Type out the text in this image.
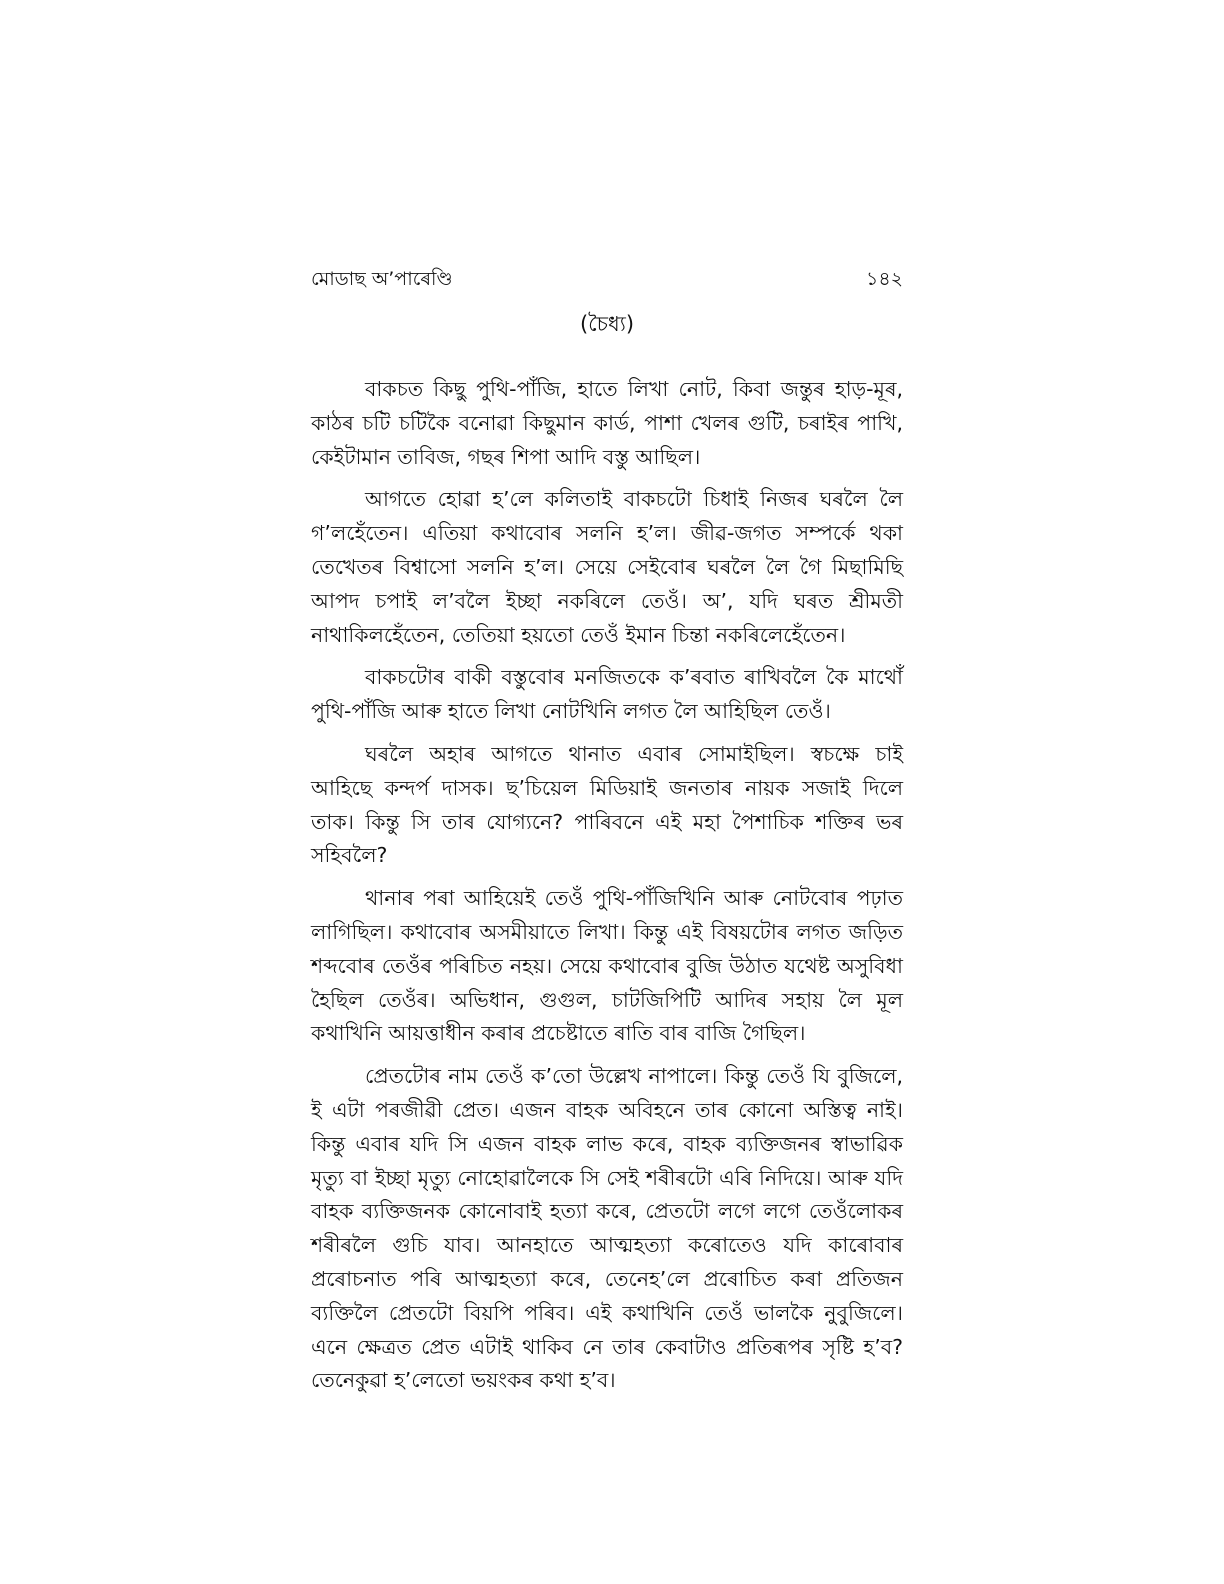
মোডাছ অ’পাৰেণ্ডি	১৪২
(চৈধ্য)

বাকচত কিছু পুথি-পাঁজি, হাতে লিখা নোট, কিবা জন্তুৰ হাড়-মূৰ, কাঠৰ চটি চটিকৈ বনোৱা কিছুমান কাৰ্ড, পাশা খেলৰ গুটি, চৰাইৰ পাখি, কেইটামান তাবিজ, গছৰ শিপা আদি বস্তু আছিল।

আগতে হোৱা হ’লে কলিতাই বাকচটো চিধাই নিজৰ ঘৰলৈ লৈ গ’লহেঁতেন। এতিয়া কথাবোৰ সলনি হ’ল। জীৱ-জগত সম্পৰ্কে থকা তেখেতৰ বিশ্বাসো সলনি হ’ল। সেয়ে সেইবোৰ ঘৰলৈ লৈ গৈ মিছামিছি আপদ চপাই ল’বলৈ ইচ্ছা নকৰিলে তেওঁ। অ’, যদি ঘৰত শ্ৰীমতী নাথাকিলহেঁতেন, তেতিয়া হয়তো তেওঁ ইমান চিন্তা নকৰিলেহেঁতেন।

বাকচটোৰ বাকী বস্তুবোৰ মনজিতকে ক’ৰবাত ৰাখিবলৈ কৈ মাথোঁ পুথি-পাঁজি আৰু হাতে লিখা নোটখিনি লগত লৈ আহিছিল তেওঁ।

ঘৰলৈ অহাৰ আগতে থানাত এবাৰ সোমাইছিল। স্বচক্ষে চাই আহিছে কন্দৰ্প দাসক। ছ’চিয়েল মিডিয়াই জনতাৰ নায়ক সজাই দিলে তাক। কিন্তু সি তাৰ যোগ্যনে? পাৰিবনে এই মহা পৈশাচিক শক্তিৰ ভৰ সহিবলৈ?

থানাৰ পৰা আহিয়েই তেওঁ পুথি-পাঁজিখিনি আৰু নোটবোৰ পঢ়াত লাগিছিল। কথাবোৰ অসমীয়াতে লিখা। কিন্তু এই বিষয়টোৰ লগত জড়িত শব্দবোৰ তেওঁৰ পৰিচিত নহয়। সেয়ে কথাবোৰ বুজি উঠাত যথেষ্ট অসুবিধা হৈছিল তেওঁৰ। অভিধান, গুগুল, চাটজিপিটি আদিৰ সহায় লৈ মূল কথাখিনি আয়ত্তাধীন কৰাৰ প্ৰচেষ্টাতে ৰাতি বাৰ বাজি গৈছিল।

প্ৰেতটোৰ নাম তেওঁ ক’তো উল্লেখ নাপালে। কিন্তু তেওঁ যি বুজিলে, ই এটা পৰজীৱী প্ৰেত। এজন বাহক অবিহনে তাৰ কোনো অস্তিত্ব নাই। কিন্তু এবাৰ যদি সি এজন বাহক লাভ কৰে, বাহক ব্যক্তিজনৰ স্বাভাৱিক মৃত্যু বা ইচ্ছা মৃত্যু নোহোৱালৈকে সি সেই শৰীৰটো এৰি নিদিয়ে। আৰু যদি বাহক ব্যক্তিজনক কোনোবাই হত্যা কৰে, প্ৰেতটো লগে লগে তেওঁলোকৰ শৰীৰলৈ গুচি যাব। আনহাতে আত্মহত্যা কৰোতেও যদি কাৰোবাৰ প্ৰৰোচনাত পৰি আত্মহত্যা কৰে, তেনেহ’লে প্ৰৰোচিত কৰা প্ৰতিজন ব্যক্তিলৈ প্ৰেতটো বিয়পি পৰিব। এই কথাখিনি তেওঁ ভালকৈ নুবুজিলে। এনে ক্ষেত্ৰত প্ৰেত এটাই থাকিব নে তাৰ কেবাটাও প্ৰতিৰূপৰ সৃষ্টি হ’ব? তেনেকুৱা হ’লেতো ভয়ংকৰ কথা হ’ব।
